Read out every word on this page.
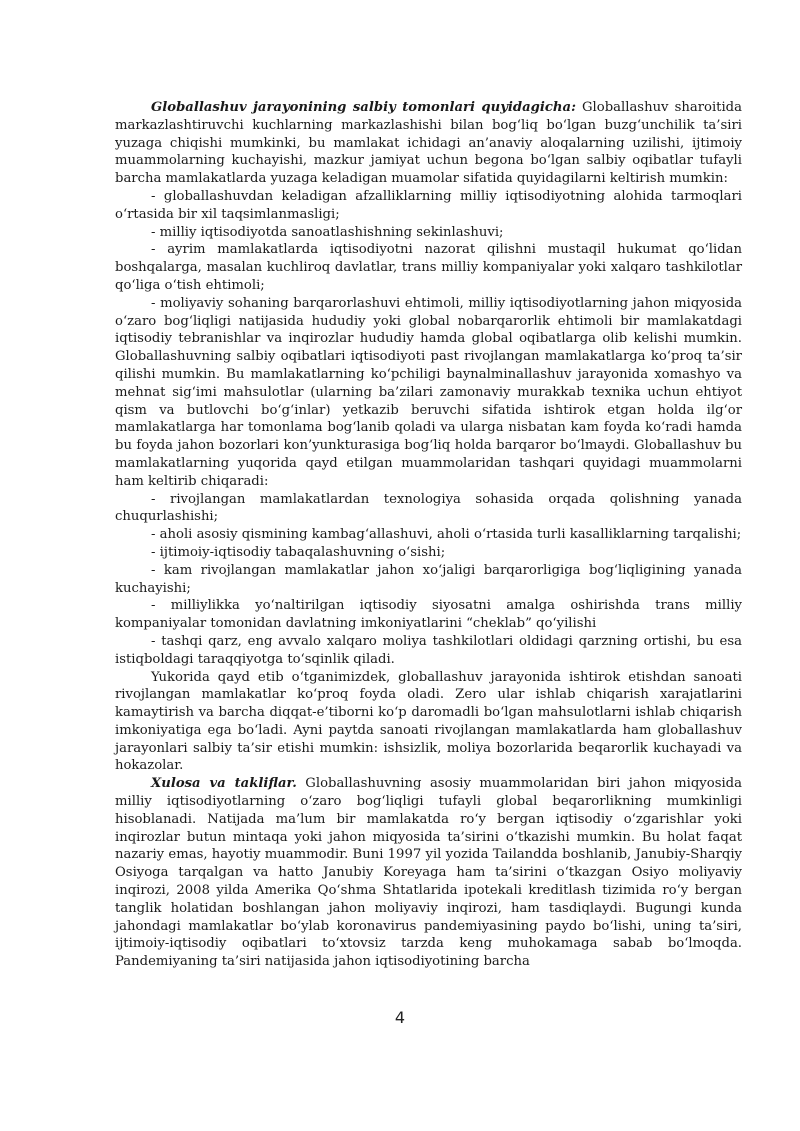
Globallashuv jarayonining salbiy tomonlari quyidagicha: Globallashuv sharoitida markazlashtiruvchi kuchlarning markazlashishi bilan bog‘liq bo‘lgan buzg‘unchilik ta’siri yuzaga chiqishi mumkinki, bu mamlakat ichidagi an’anaviy aloqalarning uzilishi, ijtimoiy muammolarning kuchayishi, mazkur jamiyat uchun begona bo‘lgan salbiy oqibatlar tufayli barcha mamlakatlarda yuzaga keladigan muamolar sifatida quyidagilarni keltirish mumkin:

- globallashuvdan keladigan afzalliklarning milliy iqtisodiyotning alohida tarmoqlari o‘rtasida bir xil taqsimlanmasligi;

- milliy iqtisodiyotda sanoatlashishning sekinlashuvi;

- ayrim mamlakatlarda iqtisodiyotni nazorat qilishni mustaqil hukumat qo‘lidan boshqalarga, masalan kuchliroq davlatlar, trans milliy kompaniyalar yoki xalqaro tashkilotlar qo‘liga o‘tish ehtimoli;

- moliyaviy sohaning barqarorlashuvi ehtimoli, milliy iqtisodiyotlarning jahon miqyosida o‘zaro bog‘liqligi natijasida hududiy yoki global nobarqarorlik ehtimoli bir mamlakatdagi iqtisodiy tebranishlar va inqirozlar hududiy hamda global oqibatlarga olib kelishi mumkin. Globallashuvning salbiy oqibatlari iqtisodiyoti past rivojlangan mamlakatlarga ko‘proq ta’sir qilishi mumkin. Bu mamlakatlarning ko‘pchiligi baynalminallashuv jarayonida xomashyo va mehnat sig‘imi mahsulotlar (ularning ba’zilari zamonaviy murakkab texnika uchun ehtiyot qism va butlovchi bo‘g‘inlar) yetkazib beruvchi sifatida ishtirok etgan holda ilg‘or mamlakatlarga har tomonlama bog‘lanib qoladi va ularga nisbatan kam foyda ko‘radi hamda bu foyda jahon bozorlari kon’yunkturasiga bog‘liq holda barqaror bo‘lmaydi. Globallashuv bu mamlakatlarning yuqorida qayd etilgan muammolaridan tashqari quyidagi muammolarni ham keltirib chiqaradi:

- rivojlangan mamlakatlardan texnologiya sohasida orqada qolishning yanada chuqurlashishi;

- aholi asosiy qismining kambag‘allashuvi, aholi o‘rtasida turli kasalliklarning tarqalishi;

- ijtimoiy-iqtisodiy tabaqalashuvning o‘sishi;

- kam rivojlangan mamlakatlar jahon xo‘jaligi barqarorligiga bog‘liqligining yanada kuchayishi;

- milliylikka yo‘naltirilgan iqtisodiy siyosatni amalga oshirishda trans milliy kompaniyalar tomonidan davlatning imkoniyatlarini “cheklab” qo‘yilishi

- tashqi qarz, eng avvalo xalqaro moliya tashkilotlari oldidagi qarzning ortishi, bu esa istiqboldagi taraqqiyotga to‘sqinlik qiladi.

Yukorida qayd etib o‘tganimizdek, globallashuv jarayonida ishtirok etishdan sanoati rivojlangan mamlakatlar ko‘proq foyda oladi. Zero ular ishlab chiqarish xarajatlarini kamaytirish va barcha diqqat-e’tiborni ko‘p daromadli bo‘lgan mahsulotlarni ishlab chiqarish imkoniyatiga ega bo‘ladi. Ayni paytda sanoati rivojlangan mamlakatlarda ham globallashuv jarayonlari salbiy ta’sir etishi mumkin: ishsizlik, moliya bozorlarida beqarorlik kuchayadi va hokazolar.

Xulosa va takliflar. Globallashuvning asosiy muammolaridan biri jahon miqyosida milliy iqtisodiyotlarning o‘zaro bog‘liqligi tufayli global beqarorlikning mumkinligi hisoblanadi. Natijada ma’lum bir mamlakatda ro‘y bergan iqtisodiy o‘zgarishlar yoki inqirozlar butun mintaqa yoki jahon miqyosida ta’sirini o‘tkazishi mumkin. Bu holat faqat nazariy emas, hayotiy muammodir. Buni 1997 yil yozida Tailandda boshlanib, Janubiy-Sharqiy Osiyoga tarqalgan va hatto Janubiy Koreyaga ham ta’sirini o‘tkazgan Osiyo moliyaviy inqirozi, 2008 yilda Amerika Qo‘shma Shtatlarida ipotekali kreditlash tizimida ro‘y bergan tanglik holatidan boshlangan jahon moliyaviy inqirozi, ham tasdiqlaydi. Bugungi kunda jahondagi mamlakatlar bo‘ylab koronavirus pandemiyasining paydo bo‘lishi, uning ta’siri, ijtimoiy-iqtisodiy oqibatlari to‘xtovsiz tarzda keng muhokamaga sabab bo‘lmoqda. Pandemiyaning ta’siri natijasida jahon iqtisodiyotining barcha

4
